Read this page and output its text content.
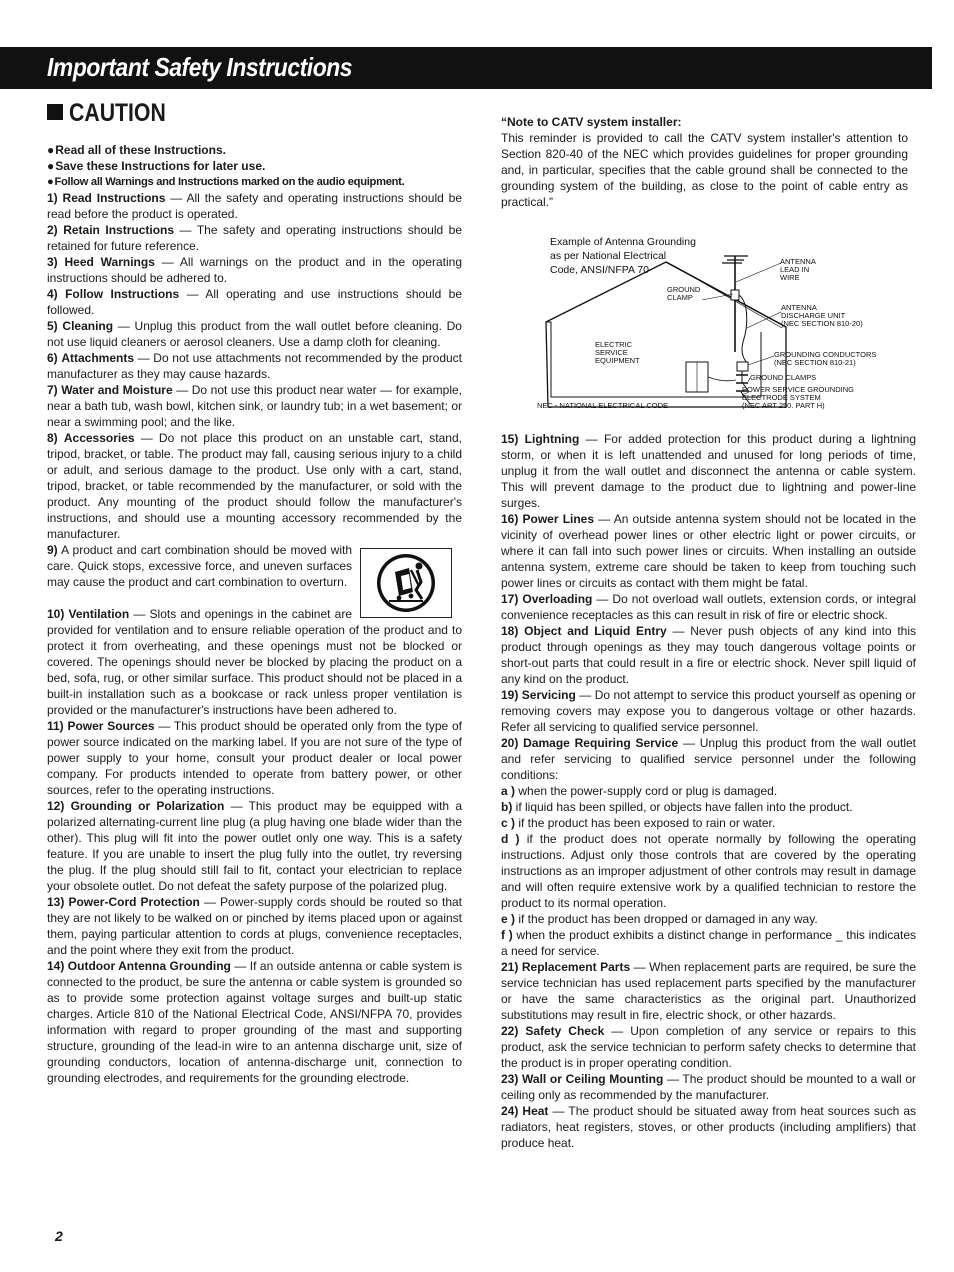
Important Safety Instructions
CAUTION
● Read all of these Instructions.
● Save these Instructions for later use.
● Follow all Warnings and Instructions marked on the audio equipment.

1) Read Instructions — All the safety and operating instructions should be read before the product is operated.

2) Retain Instructions — The safety and operating instructions should be retained for future reference.

3) Heed Warnings — All warnings on the product and in the operating instructions should be adhered to.

4) Follow Instructions — All operating and use instructions should be followed.

5) Cleaning — Unplug this product from the wall outlet before cleaning. Do not use liquid cleaners or aerosol cleaners. Use a damp cloth for cleaning.

6) Attachments — Do not use attachments not recommended by the product manufacturer as they may cause hazards.

7) Water and Moisture — Do not use this product near water — for example, near a bath tub, wash bowl, kitchen sink, or laundry tub; in a wet basement; or near a swimming pool; and the like.

8) Accessories — Do not place this product on an unstable cart, stand, tripod, bracket, or table. The product may fall, causing serious injury to a child or adult, and serious damage to the product. Use only with a cart, stand, tripod, bracket, or table recommended by the manufacturer, or sold with the product. Any mounting of the product should follow the manufacturer's instructions, and should use a mounting accessory recommended by the manufacturer.

9) A product and cart combination should be moved with care. Quick stops, excessive force, and uneven surfaces may cause the product and cart combination to overturn.

10) Ventilation — Slots and openings in the cabinet are provided for ventilation and to ensure reliable operation of the product and to protect it from overheating, and these openings must not be blocked or covered. The openings should never be blocked by placing the product on a bed, sofa, rug, or other similar surface. This product should not be placed in a built-in installation such as a bookcase or rack unless proper ventilation is provided or the manufacturer's instructions have been adhered to.

11) Power Sources — This product should be operated only from the type of power source indicated on the marking label. If you are not sure of the type of power supply to your home, consult your product dealer or local power company. For products intended to operate from battery power, or other sources, refer to the operating instructions.

12) Grounding or Polarization — This product may be equipped with a polarized alternating-current line plug (a plug having one blade wider than the other). This plug will fit into the power outlet only one way. This is a safety feature. If you are unable to insert the plug fully into the outlet, try reversing the plug. If the plug should still fail to fit, contact your electrician to replace your obsolete outlet. Do not defeat the safety purpose of the polarized plug.

13) Power-Cord Protection — Power-supply cords should be routed so that they are not likely to be walked on or pinched by items placed upon or against them, paying particular attention to cords at plugs, convenience receptacles, and the point where they exit from the product.

14) Outdoor Antenna Grounding — If an outside antenna or cable system is connected to the product, be sure the antenna or cable system is grounded so as to provide some protection against voltage surges and built-up static charges. Article 810 of the National Electrical Code, ANSI/NFPA 70, provides information with regard to proper grounding of the mast and supporting structure, grounding of the lead-in wire to an antenna discharge unit, size of grounding conductors, location of antenna-discharge unit, connection to grounding electrodes, and requirements for the grounding electrode.

“Note to CATV system installer:

This reminder is provided to call the CATV system installer's attention to Section 820-40 of the NEC which provides guidelines for proper grounding and, in particular, specifies that the cable ground shall be connected to the grounding system of the building, as close to the point of cable entry as practical.”

Example of Antenna Grounding as per National Electrical Code, ANSI/NFPA 70
GROUND CLAMP
ANTENNA LEAD IN WIRE
ANTENNA DISCHARGE UNIT (NEC SECTION 810-20)
ELECTRIC SERVICE EQUIPMENT
GROUNDING CONDUCTORS (NEC SECTION 810-21)
GROUND CLAMPS
POWER SERVICE GROUNDING ELECTRODE SYSTEM (NEC ART 250. PART H)
NEC - NATIONAL ELECTRICAL CODE

15) Lightning — For added protection for this product during a lightning storm, or when it is left unattended and unused for long periods of time, unplug it from the wall outlet and disconnect the antenna or cable system. This will prevent damage to the product due to lightning and power-line surges.

16) Power Lines — An outside antenna system should not be located in the vicinity of overhead power lines or other electric light or power circuits, or where it can fall into such power lines or circuits. When installing an outside antenna system, extreme care should be taken to keep from touching such power lines or circuits as contact with them might be fatal.

17) Overloading — Do not overload wall outlets, extension cords, or integral convenience receptacles as this can result in risk of fire or electric shock.

18) Object and Liquid Entry — Never push objects of any kind into this product through openings as they may touch dangerous voltage points or short-out parts that could result in a fire or electric shock. Never spill liquid of any kind on the product.

19) Servicing — Do not attempt to service this product yourself as opening or removing covers may expose you to dangerous voltage or other hazards. Refer all servicing to qualified service personnel.

20) Damage Requiring Service — Unplug this product from the wall outlet and refer servicing to qualified service personnel under the following conditions:

a ) when the power-supply cord or plug is damaged.

b) if liquid has been spilled, or objects have fallen into the product.

c ) if the product has been exposed to rain or water.

d ) if the product does not operate normally by following the operating instructions. Adjust only those controls that are covered by the operating instructions as an improper adjustment of other controls may result in damage and will often require extensive work by a qualified technician to restore the product to its normal operation.

e ) if the product has been dropped or damaged in any way.

f ) when the product exhibits a distinct change in performance _ this indicates a need for service.

21) Replacement Parts — When replacement parts are required, be sure the service technician has used replacement parts specified by the manufacturer or have the same characteristics as the original part. Unauthorized substitutions may result in fire, electric shock, or other hazards.

22) Safety Check — Upon completion of any service or repairs to this product, ask the service technician to perform safety checks to determine that the product is in proper operating condition.

23) Wall or Ceiling Mounting — The product should be mounted to a wall or ceiling only as recommended by the manufacturer.

24) Heat — The product should be situated away from heat sources such as radiators, heat registers, stoves, or other products (including amplifiers) that produce heat.

2
